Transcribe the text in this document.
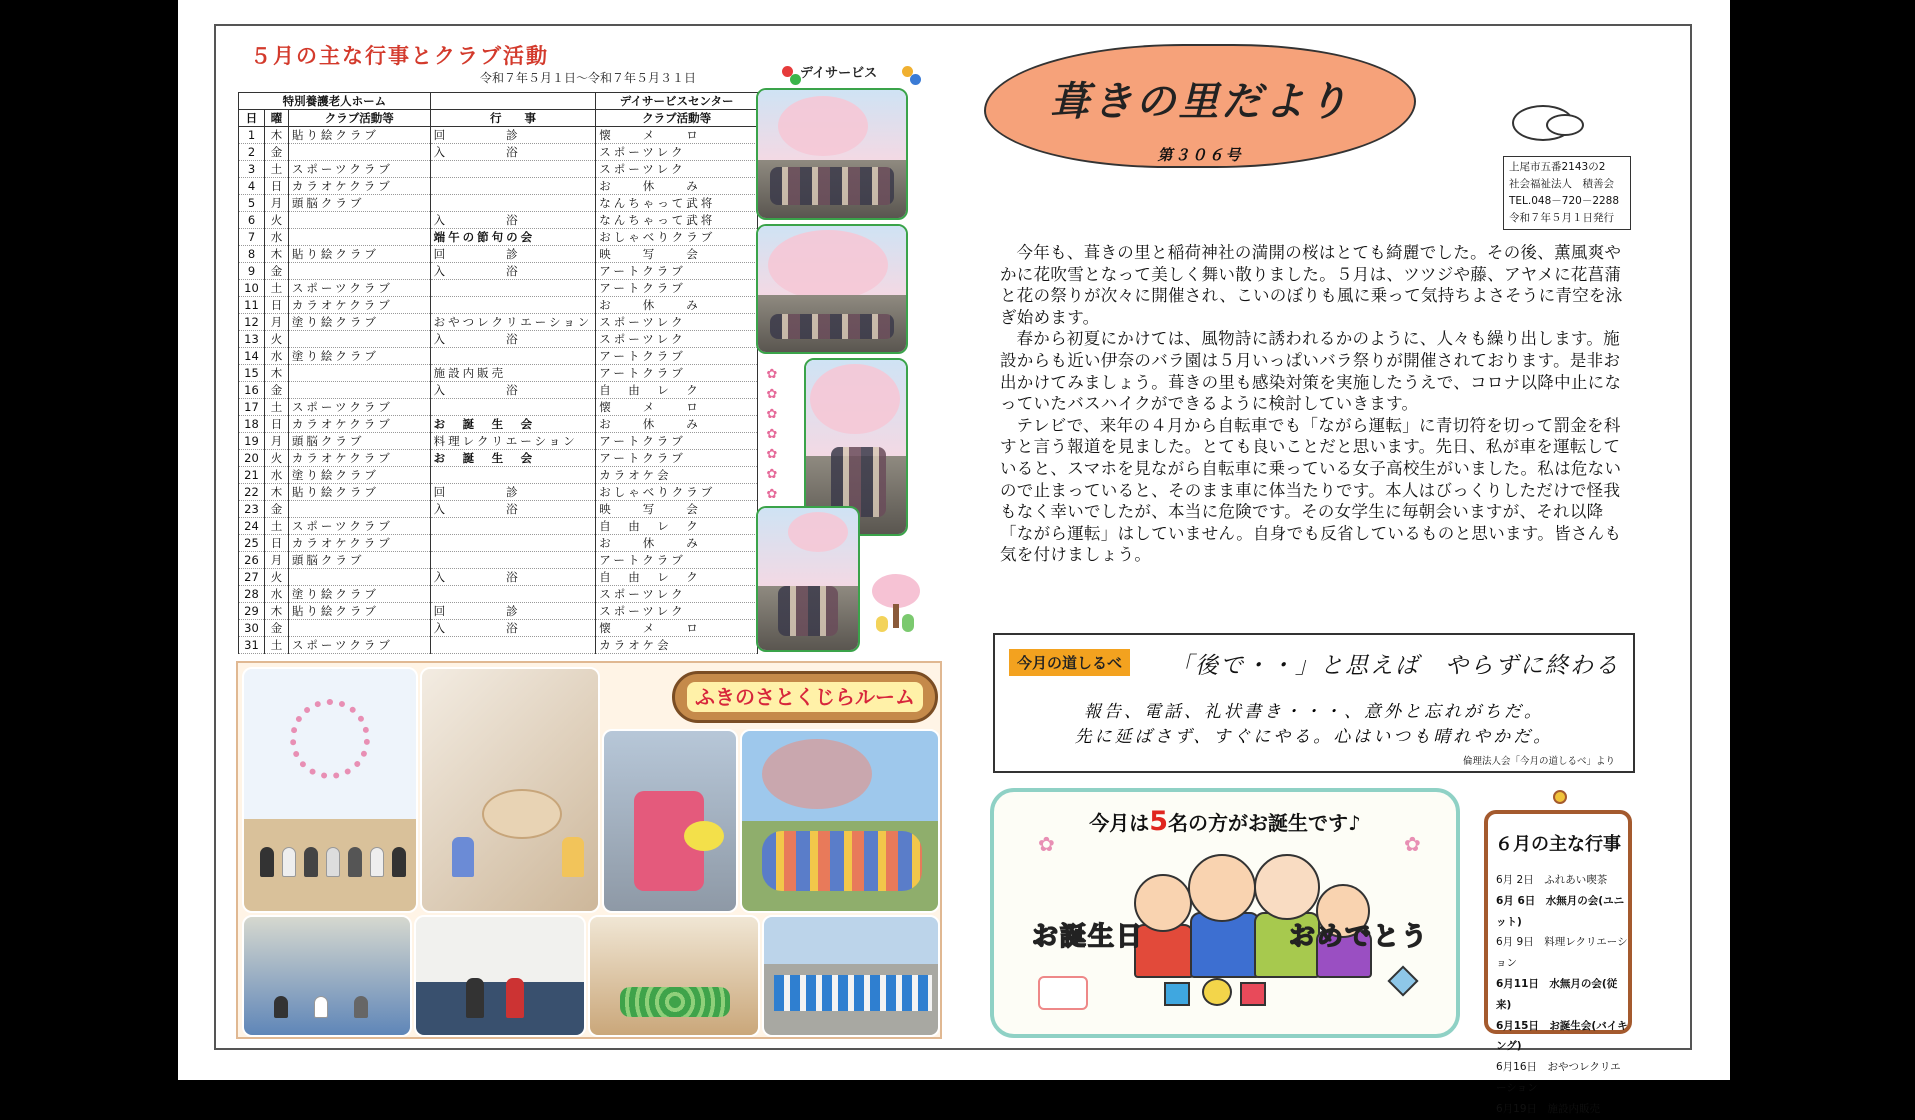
５月の主な行事とクラブ活動
令和７年５月１日～令和７年５月３１日
特別養護老人ホーム				デイサービスセンター
日	曜	クラブ活動等	行　　事	クラブ活動等
1	木	貼り絵クラブ	回　　　　診	懐　　メ　　ロ
2	金		入　　　　浴	スポーツレク
3	土	スポーツクラブ		スポーツレク
4	日	カラオケクラブ		お　　休　　み
5	月	頭脳クラブ		なんちゃって武将
6	火		入　　　　浴	なんちゃって武将
7	水		端午の節句の会	おしゃべりクラブ
8	木	貼り絵クラブ	回　　　　診	映　　写　　会
9	金		入　　　　浴	アートクラブ
10	土	スポーツクラブ		アートクラブ
11	日	カラオケクラブ		お　　休　　み
12	月	塗り絵クラブ	おやつレクリエーション	スポーツレク
13	火		入　　　　浴	スポーツレク
14	水	塗り絵クラブ		アートクラブ
15	木		施設内販売	アートクラブ
16	金		入　　　　浴	自　由　レ　ク
17	土	スポーツクラブ		懐　　メ　　ロ
18	日	カラオケクラブ	お　誕　生　会	お　　休　　み
19	月	頭脳クラブ	料理レクリエーション	アートクラブ
20	火	カラオケクラブ	お　誕　生　会	アートクラブ
21	水	塗り絵クラブ		カラオケ会
22	木	貼り絵クラブ	回　　　　診	おしゃべりクラブ
23	金		入　　　　浴	映　　写　　会
24	土	スポーツクラブ		自　由　レ　ク
25	日	カラオケクラブ		お　　休　　み
26	月	頭脳クラブ		アートクラブ
27	火		入　　　　浴	自　由　レ　ク
28	水	塗り絵クラブ		スポーツレク
29	木	貼り絵クラブ	回　　　　診	スポーツレク
30	金		入　　　　浴	懐　　メ　　ロ
31	土	スポーツクラブ		カラオケ会
デイサービス
✿
✿
✿
✿
✿
✿
✿
ふきのさとくじらルーム
葺きの里だより
第３０６号
上尾市五番2143の2
社会福祉法人　積善会
TEL.048－720－2288
令和７年５月１日発行

今年も、葺きの里と稲荷神社の満開の桜はとても綺麗でした。その後、薫風爽やかに花吹雪となって美しく舞い散りました。５月は、ツツジや藤、アヤメに花菖蒲と花の祭りが次々に開催され、こいのぼりも風に乗って気持ちよさそうに青空を泳ぎ始めます。

春から初夏にかけては、風物詩に誘われるかのように、人々も繰り出します。施設からも近い伊奈のバラ園は５月いっぱいバラ祭りが開催されております。是非お出かけてみましょう。葺きの里も感染対策を実施したうえで、コロナ以降中止になっていたバスハイクができるように検討していきます。

テレビで、来年の４月から自転車でも「ながら運転」に青切符を切って罰金を科すと言う報道を見ました。とても良いことだと思います。先日、私が車を運転していると、スマホを見ながら自転車に乗っている女子高校生がいました。私は危ないので止まっていると、そのまま車に体当たりです。本人はびっくりしただけで怪我もなく幸いでしたが、本当に危険です。その女学生に毎朝会いますが、それ以降「ながら運転」はしていません。自身でも反省しているものと思います。皆さんも気を付けましょう。

今月の道しるべ	「後で・・」と思えば　やらずに終わる
報告、電話、礼状書き・・・、意外と忘れがちだ。
先に延ばさず、すぐにやる。心はいつも晴れやかだ。
倫理法人会「今月の道しるべ」より
今月は5名の方がお誕生です♪
お誕生日	おめでとう
✿	✿	６月の主な行事
6月 2日　ふれあい喫茶
6月 6日　水無月の会(ユニット)
6月 9日　料理レクリエーション
6月11日　水無月の会(従来)
6月15日　お誕生会(バイキング)
6月16日　おやつレクリエーション
6月19日　施設内販売
